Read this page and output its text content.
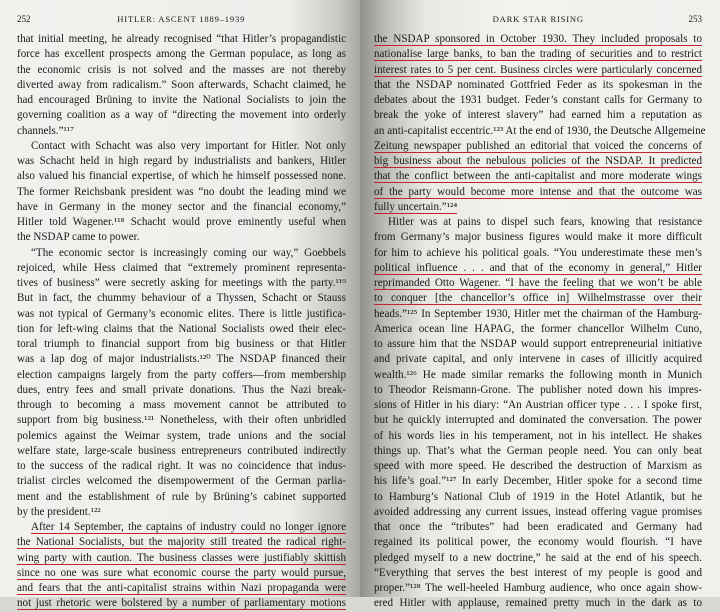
252	HITLER: ASCENT 1889–1939
that initial meeting, he already recognised “that Hitler’s propagandistic
force has excellent prospects among the German populace, as long as
the economic crisis is not solved and the masses are not thereby
diverted away from radicalism.” Soon afterwards, Schacht claimed, he
had encouraged Brüning to invite the National Socialists to join the
governing coalition as a way of “directing the movement into orderly
channels.”¹¹⁷
Contact with Schacht was also very important for Hitler. Not only
was Schacht held in high regard by industrialists and bankers, Hitler
also valued his financial expertise, of which he himself possessed none.
The former Reichsbank president was “no doubt the leading mind we
have in Germany in the money sector and the financial economy,”
Hitler told Wagener.¹¹⁸ Schacht would prove eminently useful when
the NSDAP came to power.
“The economic sector is increasingly coming our way,” Goebbels
rejoiced, while Hess claimed that “extremely prominent representa-
tives of business” were secretly asking for meetings with the party.¹¹⁹
But in fact, the chummy behaviour of a Thyssen, Schacht or Stauss
was not typical of Germany’s economic elites. There is little justifica-
tion for left-wing claims that the National Socialists owed their elec-
toral triumph to financial support from big business or that Hitler
was a lap dog of major industrialists.¹²⁰ The NSDAP financed their
election campaigns largely from the party coffers—from membership
dues, entry fees and small private donations. Thus the Nazi break-
through to becoming a mass movement cannot be attributed to
support from big business.¹²¹ Nonetheless, with their often unbridled
polemics against the Weimar system, trade unions and the social
welfare state, large-scale business entrepreneurs contributed indirectly
to the success of the radical right. It was no coincidence that indus-
trialist circles welcomed the disempowerment of the German parlia-
ment and the establishment of rule by Brüning’s cabinet supported
by the president.¹²²
After 14 September, the captains of industry could no longer ignore
the National Socialists, but the majority still treated the radical right-
wing party with caution. The business classes were justifiably skittish
since no one was sure what economic course the party would pursue,
and fears that the anti-capitalist strains within Nazi propaganda were
not just rhetoric were bolstered by a number of parliamentary motions
DARK STAR RISING	253
the NSDAP sponsored in October 1930. They included proposals to
nationalise large banks, to ban the trading of securities and to restrict
interest rates to 5 per cent. Business circles were particularly concerned
that the NSDAP nominated Gottfried Feder as its spokesman in the
debates about the 1931 budget. Feder’s constant calls for Germany to
break the yoke of interest slavery” had earned him a reputation as
an anti-capitalist eccentric.¹²³ At the end of 1930, the Deutsche Allgemeine
Zeitung newspaper published an editorial that voiced the concerns of
big business about the nebulous policies of the NSDAP. It predicted
that the conflict between the anti-capitalist and more moderate wings
of the party would become more intense and that the outcome was
fully uncertain.”¹²⁴
Hitler was at pains to dispel such fears, knowing that resistance
from Germany’s major business figures would make it more difficult
for him to achieve his political goals. “You underestimate these men’s
political influence . . . and that of the economy in general,” Hitler
reprimanded Otto Wagener. “I have the feeling that we won’t be able
to conquer [the chancellor’s office in] Wilhelmstrasse over their
heads.”¹²⁵ In September 1930, Hitler met the chairman of the Hamburg-
America ocean line HAPAG, the former chancellor Wilhelm Cuno,
to assure him that the NSDAP would support entrepreneurial initiative
and private capital, and only intervene in cases of illicitly acquired
wealth.¹²⁶ He made similar remarks the following month in Munich
to Theodor Reismann-Grone. The publisher noted down his impres-
sions of Hitler in his diary: “An Austrian officer type . . . I spoke first,
but he quickly interrupted and dominated the conversation. The power
of his words lies in his temperament, not in his intellect. He shakes
things up. That’s what the German people need. You can only beat
speed with more speed. He described the destruction of Marxism as
his life’s goal.”¹²⁷ In early December, Hitler spoke for a second time
to Hamburg’s National Club of 1919 in the Hotel Atlantik, but he
avoided addressing any current issues, instead offering vague promises
that once the “tributes” had been eradicated and Germany had
regained its political power, the economy would flourish. “I have
pledged myself to a new doctrine,” he said at the end of his speech.
“Everything that serves the best interest of my people is good and
proper.”¹²⁸ The well-heeled Hamburg audience, who once again show-
ered Hitler with applause, remained pretty much in the dark as to
